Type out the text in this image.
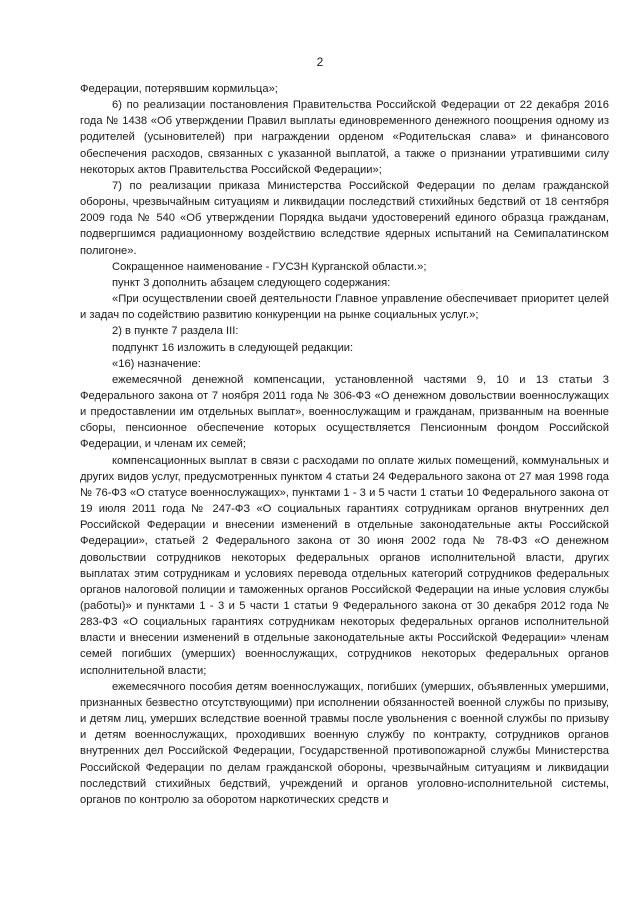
2

Федерации, потерявшим кормильца»;

6) по реализации постановления Правительства Российской Федерации от 22 декабря 2016 года № 1438 «Об утверждении Правил выплаты единовременного денежного поощрения одному из родителей (усыновителей) при награждении орденом «Родительская слава» и финансового обеспечения расходов, связанных с указанной выплатой, а также о признании утратившими силу некоторых актов Правительства Российской Федерации»;

7) по реализации приказа Министерства Российской Федерации по делам гражданской обороны, чрезвычайным ситуациям и ликвидации последствий стихийных бедствий от 18 сентября 2009 года № 540 «Об утверждении Порядка выдачи удостоверений единого образца гражданам, подвергшимся радиационному воздействию вследствие ядерных испытаний на Семипалатинском полигоне».

Сокращенное наименование - ГУСЗН Курганской области.»;

пункт 3 дополнить абзацем следующего содержания:

«При осуществлении своей деятельности Главное управление обеспечивает приоритет целей и задач по содействию развитию конкуренции на рынке социальных услуг.»;

2) в пункте 7 раздела III:

подпункт 16 изложить в следующей редакции:

«16) назначение:

ежемесячной денежной компенсации, установленной частями 9, 10 и 13 статьи 3 Федерального закона от 7 ноября 2011 года № 306-ФЗ «О денежном довольствии военнослужащих и предоставлении им отдельных выплат», военнослужащим и гражданам, призванным на военные сборы, пенсионное обеспечение которых осуществляется Пенсионным фондом Российской Федерации, и членам их семей;

компенсационных выплат в связи с расходами по оплате жилых помещений, коммунальных и других видов услуг, предусмотренных пунктом 4 статьи 24 Федерального закона от 27 мая 1998 года № 76-ФЗ «О статусе военнослужащих», пунктами 1 - 3 и 5 части 1 статьи 10 Федерального закона от 19 июля 2011 года № 247-ФЗ «О социальных гарантиях сотрудникам органов внутренних дел Российской Федерации и внесении изменений в отдельные законодательные акты Российской Федерации», статьей 2 Федерального закона от 30 июня 2002 года № 78-ФЗ «О денежном довольствии сотрудников некоторых федеральных органов исполнительной власти, других выплатах этим сотрудникам и условиях перевода отдельных категорий сотрудников федеральных органов налоговой полиции и таможенных органов Российской Федерации на иные условия службы (работы)» и пунктами 1 - 3 и 5 части 1 статьи 9 Федерального закона от 30 декабря 2012 года № 283-ФЗ «О социальных гарантиях сотрудникам некоторых федеральных органов исполнительной власти и внесении изменений в отдельные законодательные акты Российской Федерации» членам семей погибших (умерших) военнослужащих, сотрудников некоторых федеральных органов исполнительной власти;

ежемесячного пособия детям военнослужащих, погибших (умерших, объявленных умершими, признанных безвестно отсутствующими) при исполнении обязанностей военной службы по призыву, и детям лиц, умерших вследствие военной травмы после увольнения с военной службы по призыву и детям военнослужащих, проходивших военную службу по контракту, сотрудников органов внутренних дел Российской Федерации, Государственной противопожарной службы Министерства Российской Федерации по делам гражданской обороны, чрезвычайным ситуациям и ликвидации последствий стихийных бедствий, учреждений и органов уголовно-исполнительной системы, органов по контролю за оборотом наркотических средств и
